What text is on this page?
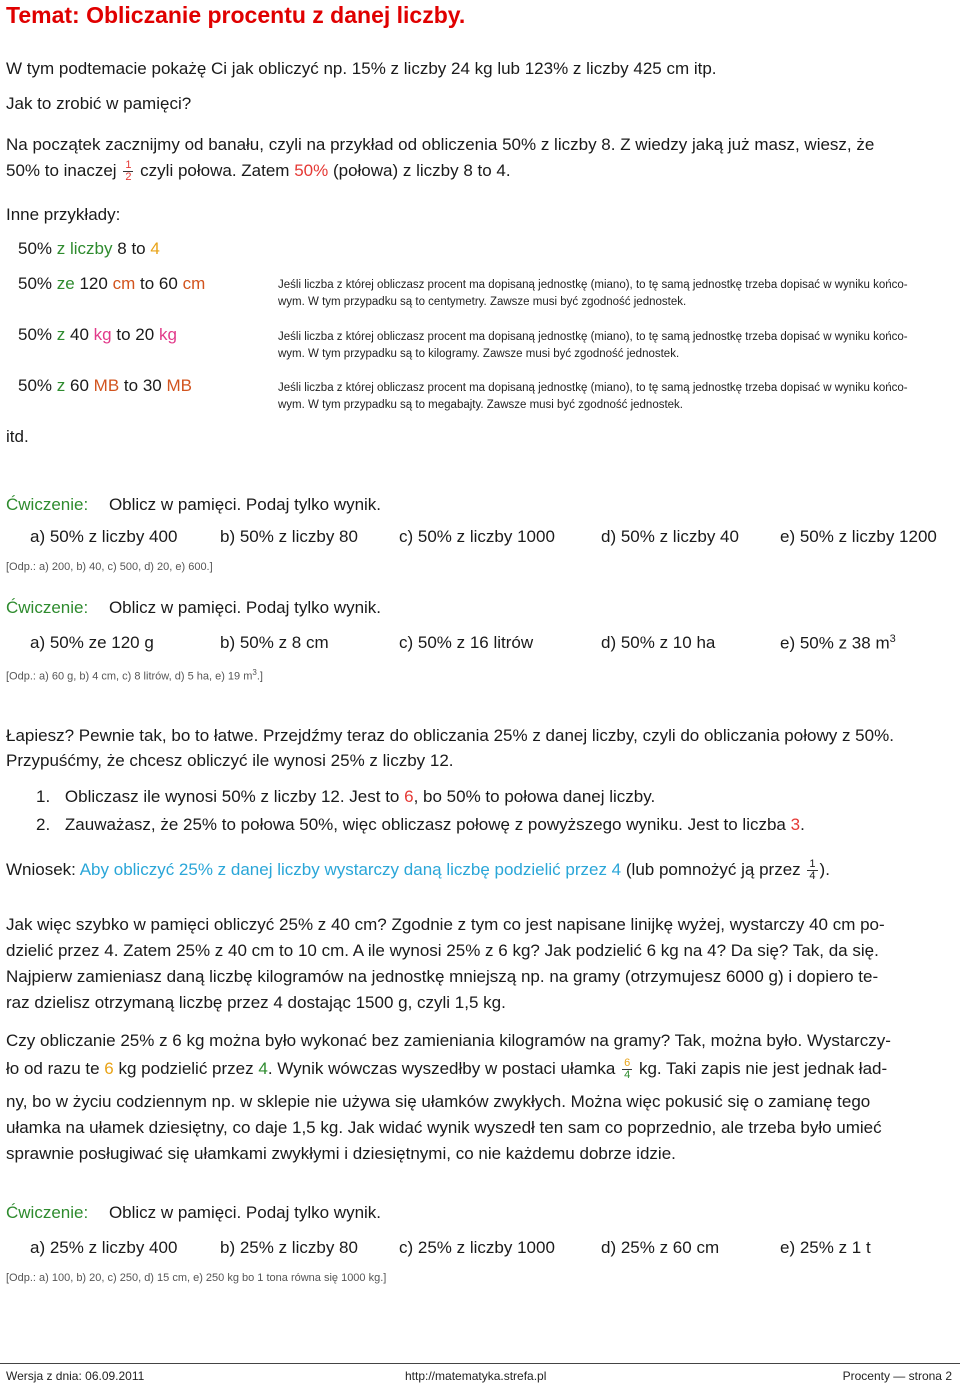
Temat: Obliczanie procentu z danej liczby.
W tym podtemacie pokażę Ci jak obliczyć np. 15% z liczby 24 kg lub 123% z liczby 425 cm itp.
Jak to zrobić w pamięci?
Na początek zacznijmy od banału, czyli na przykład od obliczenia 50% z liczby 8. Z wiedzy jaką już masz, wiesz, że
50% to inaczej $\frac{1}{2}$ czyli połowa. Zatem 50% (połowa) z liczby 8 to 4.
Inne przykłady:
50% z liczby 8 to 4
50% ze 120 cm to 60 cm	Jeśli liczba z której obliczasz procent ma dopisaną jednostkę (miano), to tę samą jednostkę trzeba dopisać w wyniku końco-
wym. W tym przypadku są to centymetry. Zawsze musi być zgodność jednostek.
50% z 40 kg to 20 kg	Jeśli liczba z której obliczasz procent ma dopisaną jednostkę (miano), to tę samą jednostkę trzeba dopisać w wyniku końco-
wym. W tym przypadku są to kilogramy. Zawsze musi być zgodność jednostek.
50% z 60 MB to 30 MB	Jeśli liczba z której obliczasz procent ma dopisaną jednostkę (miano), to tę samą jednostkę trzeba dopisać w wyniku końco-
wym. W tym przypadku są to megabajty. Zawsze musi być zgodność jednostek.
itd.
Ćwiczenie: Oblicz w pamięci. Podaj tylko wynik.
a) 50% z liczby 400	b) 50% z liczby 80 c) 50% z liczby 1000	d) 50% z liczby 40 e) 50% z liczby 1200
[Odp.: a) 200, b) 40, c) 500, d) 20, e) 600.]
Ćwiczenie: Oblicz w pamięci. Podaj tylko wynik.
a) 50% ze 120 g	b) 50% z 8 cm	c) 50% z 16 litrów	d) 50% z 10 ha	e) 50% z 38 $m^3$
[Odp.: a) 60 g, b) 4 cm, c) 8 litrów, d) 5 ha, e) 19 $m^3$.]
Łapiesz? Pewnie tak, bo to łatwe. Przejdźmy teraz do obliczania 25% z danej liczby, czyli do obliczania połowy z 50%.
Przypuśćmy, że chcesz obliczyć ile wynosi 25% z liczby 12.
1. Obliczasz ile wynosi 50% z liczby 12. Jest to 6, bo 50% to połowa danej liczby.
2. Zauważasz, że 25% to połowa 50%, więc obliczasz połowę z powyższego wyniku. Jest to liczba 3.
Wniosek: Aby obliczyć 25% z danej liczby wystarczy daną liczbę podzielić przez 4 (lub pomnożyć ją przez $\frac{1}{4}$ ).
Jak więc szybko w pamięci obliczyć 25% z 40 cm? Zgodnie z tym co jest napisane linijkę wyżej, wystarczy 40 cm po-
dzielić przez 4. Zatem 25% z 40 cm to 10 cm. A ile wynosi 25% z 6 kg? Jak podzielić 6 kg na 4? Da się? Tak, da się.
Najpierw zamieniasz daną liczbę kilogramów na jednostkę mniejszą np. na gramy (otrzymujesz 6000 g) i dopiero te-
raz dzielisz otrzymaną liczbę przez 4 dostając 1500 g, czyli 1,5 kg.
Czy obliczanie 25% z 6 kg można było wykonać bez zamieniania kilogramów na gramy? Tak, można było. Wystarczy-
ło od razu te 6 kg podzielić przez 4. Wynik wówczas wyszedłby w postaci ułamka $\frac{6}{4}$ kg. Taki zapis nie jest jednak ład-
ny, bo w życiu codziennym np. w sklepie nie używa się ułamków zwykłych. Można więc pokusić się o zamianę tego
ułamka na ułamek dziesiętny, co daje 1,5 kg. Jak widać wynik wyszedł ten sam co poprzednio, ale trzeba było umieć
sprawnie posługiwać się ułamkami zwykłymi i dziesiętnymi, co nie każdemu dobrze idzie.
Ćwiczenie: Oblicz w pamięci. Podaj tylko wynik.
a) 25% z liczby 400	b) 25% z liczby 80 c) 25% z liczby 1000	d) 25% z 60 cm	e) 25% z 1 t
[Odp.: a) 100, b) 20, c) 250, d) 15 cm, e) 250 kg bo 1 tona równa się 1000 kg.]
Wersja z dnia: 06.09.2011	http://matematyka.strefa.pl	Procenty — strona 2
